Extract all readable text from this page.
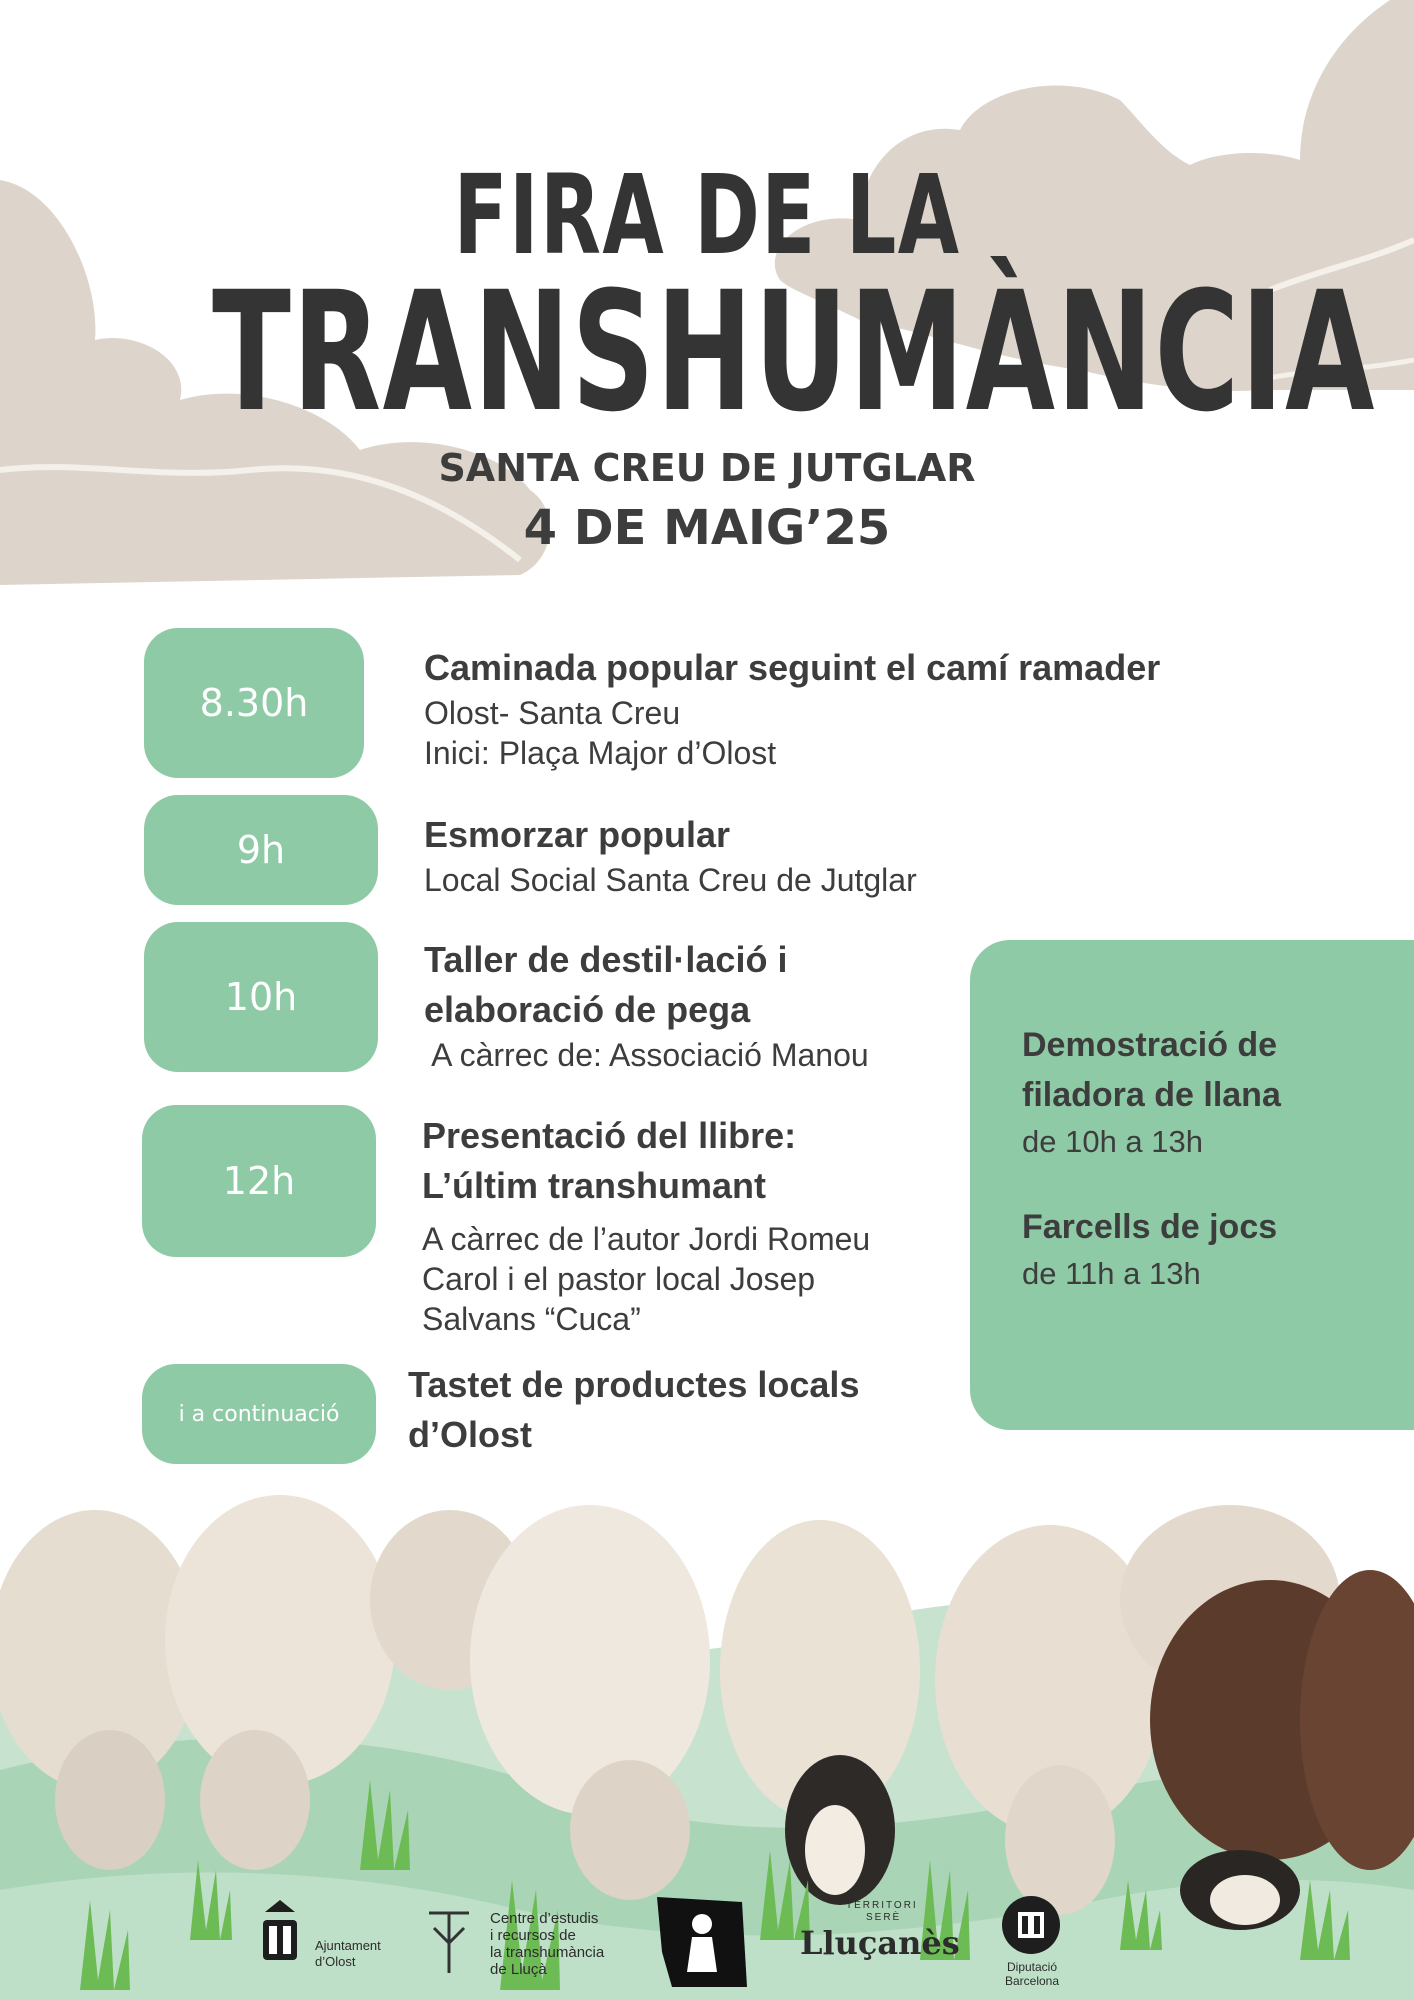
FIRA DE LA
TRANSHUMÀNCIA
SANTA CREU DE JUTGLAR
4 DE MAIG’25
8.30h
9h
10h
12h
i a continuació
Caminada popular seguint el camí ramader
Olost- Santa Creu
Inici: Plaça Major d’Olost
Esmorzar popular
Local Social Santa Creu de Jutglar
Taller de destil·lació i
elaboració de pega
A càrrec de: Associació Manou
Presentació del llibre:
L’últim transhumant
A càrrec de l’autor Jordi Romeu
Carol i el pastor local Josep
Salvans “Cuca”
Tastet de productes locals
d’Olost
Demostració de
filadora de llana
de 10h a 13h
Farcells de jocs
de 11h a 13h
Ajuntament
d’Olost
Centre d’estudis
i recursos de
la transhumància
de Lluçà
TERRITORI
SERÈ
Lluçanès
Diputació
Barcelona
